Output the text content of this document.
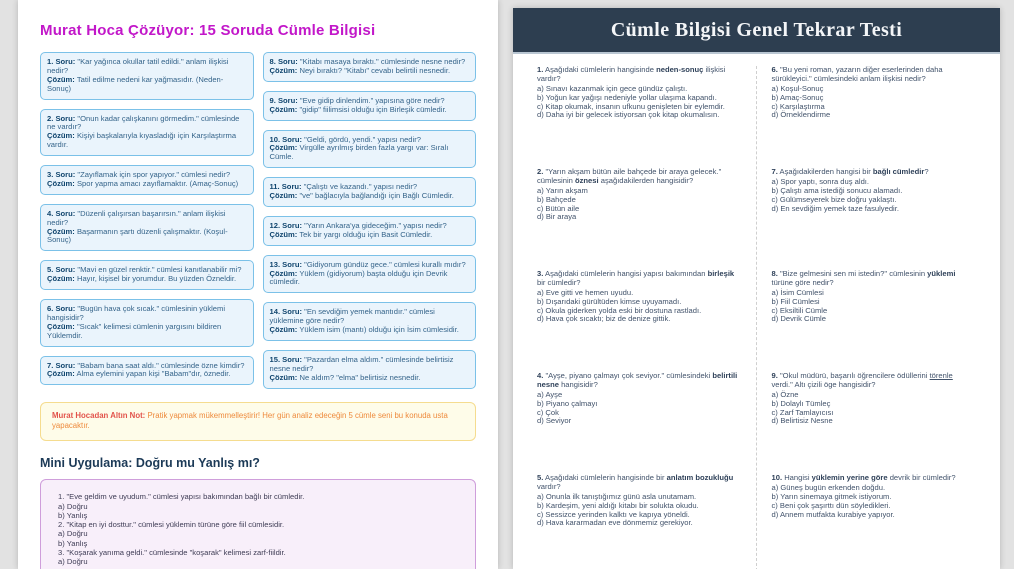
Murat Hoca Çözüyor: 15 Soruda Cümle Bilgisi

1. Soru: "Kar yağınca okullar tatil edildi." anlam ilişkisi nedir?

Çözüm: Tatil edilme nedeni kar yağmasıdır. (Neden-Sonuç)

2. Soru: "Onun kadar çalışkanını görmedim." cümlesinde ne vardır?

Çözüm: Kişiyi başkalarıyla kıyasladığı için Karşılaştırma vardır.

3. Soru: "Zayıflamak için spor yapıyor." cümlesi nedir?

Çözüm: Spor yapma amacı zayıflamaktır. (Amaç-Sonuç)

4. Soru: "Düzenli çalışırsan başarırsın." anlam ilişkisi nedir?

Çözüm: Başarmanın şartı düzenli çalışmaktır. (Koşul-Sonuç)

5. Soru: "Mavi en güzel renktir." cümlesi kanıtlanabilir mi?

Çözüm: Hayır, kişisel bir yorumdur. Bu yüzden Özneldir.

6. Soru: "Bugün hava çok sıcak." cümlesinin yüklemi hangisidir?

Çözüm: "Sıcak" kelimesi cümlenin yargısını bildiren Yüklemdir.

7. Soru: "Babam bana saat aldı." cümlesinde özne kimdir?

Çözüm: Alma eylemini yapan kişi "Babam"dır, öznedir.

8. Soru: "Kitabı masaya bıraktı." cümlesinde nesne nedir?

Çözüm: Neyi bıraktı? "Kitabı" cevabı belirtili nesnedir.

9. Soru: "Eve gidip dinlendim." yapısına göre nedir?

Çözüm: "gidip" fiilimsisi olduğu için Birleşik cümledir.

10. Soru: "Geldi, gördü, yendi." yapısı nedir?

Çözüm: Virgülle ayrılmış birden fazla yargı var: Sıralı Cümle.

11. Soru: "Çalıştı ve kazandı." yapısı nedir?

Çözüm: "ve" bağlacıyla bağlandığı için Bağlı Cümledir.

12. Soru: "Yarın Ankara'ya gideceğim." yapısı nedir?

Çözüm: Tek bir yargı olduğu için Basit Cümledir.

13. Soru: "Gidiyorum gündüz gece." cümlesi kurallı mıdır?

Çözüm: Yüklem (gidiyorum) başta olduğu için Devrik cümledir.

14. Soru: "En sevdiğim yemek mantıdır." cümlesi yüklemine göre nedir?

Çözüm: Yüklem isim (mantı) olduğu için İsim cümlesidir.

15. Soru: "Pazardan elma aldım." cümlesinde belirtisiz nesne nedir?

Çözüm: Ne aldım? "elma" belirtisiz nesnedir.

Murat Hocadan Altın Not: Pratik yapmak mükemmelleştirir! Her gün analiz edeceğin 5 cümle seni bu konuda usta yapacaktır.
Mini Uygulama: Doğru mu Yanlış mı?

1. "Eve geldim ve uyudum." cümlesi yapısı bakımından bağlı bir cümledir.

a) Doğru

b) Yanlış

2. "Kitap en iyi dosttur." cümlesi yüklemin türüne göre fiil cümlesidir.

a) Doğru

b) Yanlış

3. "Koşarak yanıma geldi." cümlesinde "koşarak" kelimesi zarf-fiildir.

a) Doğru

Cümle Bilgisi Genel Tekrar Testi

1. Aşağıdaki cümlelerin hangisinde neden-sonuç ilişkisi vardır?

a) Sınavı kazanmak için gece gündüz çalıştı.

b) Yoğun kar yağışı nedeniyle yollar ulaşıma kapandı.

c) Kitap okumak, insanın ufkunu genişleten bir eylemdir.

d) Daha iyi bir gelecek istiyorsan çok kitap okumalısın.

2. "Yarın akşam bütün aile bahçede bir araya gelecek." cümlesinin öznesi aşağıdakilerden hangisidir?

a) Yarın akşam

b) Bahçede

c) Bütün aile

d) Bir araya

3. Aşağıdaki cümlelerin hangisi yapısı bakımından birleşik bir cümledir?

a) Eve gitti ve hemen uyudu.

b) Dışarıdaki gürültüden kimse uyuyamadı.

c) Okula giderken yolda eski bir dostuna rastladı.

d) Hava çok sıcaktı; biz de denize gittik.

4. "Ayşe, piyano çalmayı çok seviyor." cümlesindeki belirtili nesne hangisidir?

a) Ayşe

b) Piyano çalmayı

c) Çok

d) Seviyor

5. Aşağıdaki cümlelerin hangisinde bir anlatım bozukluğu vardır?

a) Onunla ilk tanıştığımız günü asla unutamam.

b) Kardeşim, yeni aldığı kitabı bir solukta okudu.

c) Sessizce yerinden kalktı ve kapıya yöneldi.

d) Hava kararmadan eve dönmemiz gerekiyor.

6. "Bu yeni roman, yazarın diğer eserlerinden daha sürükleyici." cümlesindeki anlam ilişkisi nedir?

a) Koşul-Sonuç

b) Amaç-Sonuç

c) Karşılaştırma

d) Örneklendirme

7. Aşağıdakilerden hangisi bir bağlı cümledir?

a) Spor yaptı, sonra duş aldı.

b) Çalıştı ama istediği sonucu alamadı.

c) Gülümseyerek bize doğru yaklaştı.

d) En sevdiğim yemek taze fasulyedir.

8. "Bize gelmesini sen mi istedin?" cümlesinin yüklemi türüne göre nedir?

a) İsim Cümlesi

b) Fiil Cümlesi

c) Eksiltili Cümle

d) Devrik Cümle

9. "Okul müdürü, başarılı öğrencilere ödüllerini törenle verdi." Altı çizili öge hangisidir?

a) Özne

b) Dolaylı Tümleç

c) Zarf Tamlayıcısı

d) Belirtisiz Nesne

10. Hangisi yüklemin yerine göre devrik bir cümledir?

a) Güneş bugün erkenden doğdu.

b) Yarın sinemaya gitmek istiyorum.

c) Beni çok şaşırttı dün söyledikleri.

d) Annem mutfakta kurabiye yapıyor.
